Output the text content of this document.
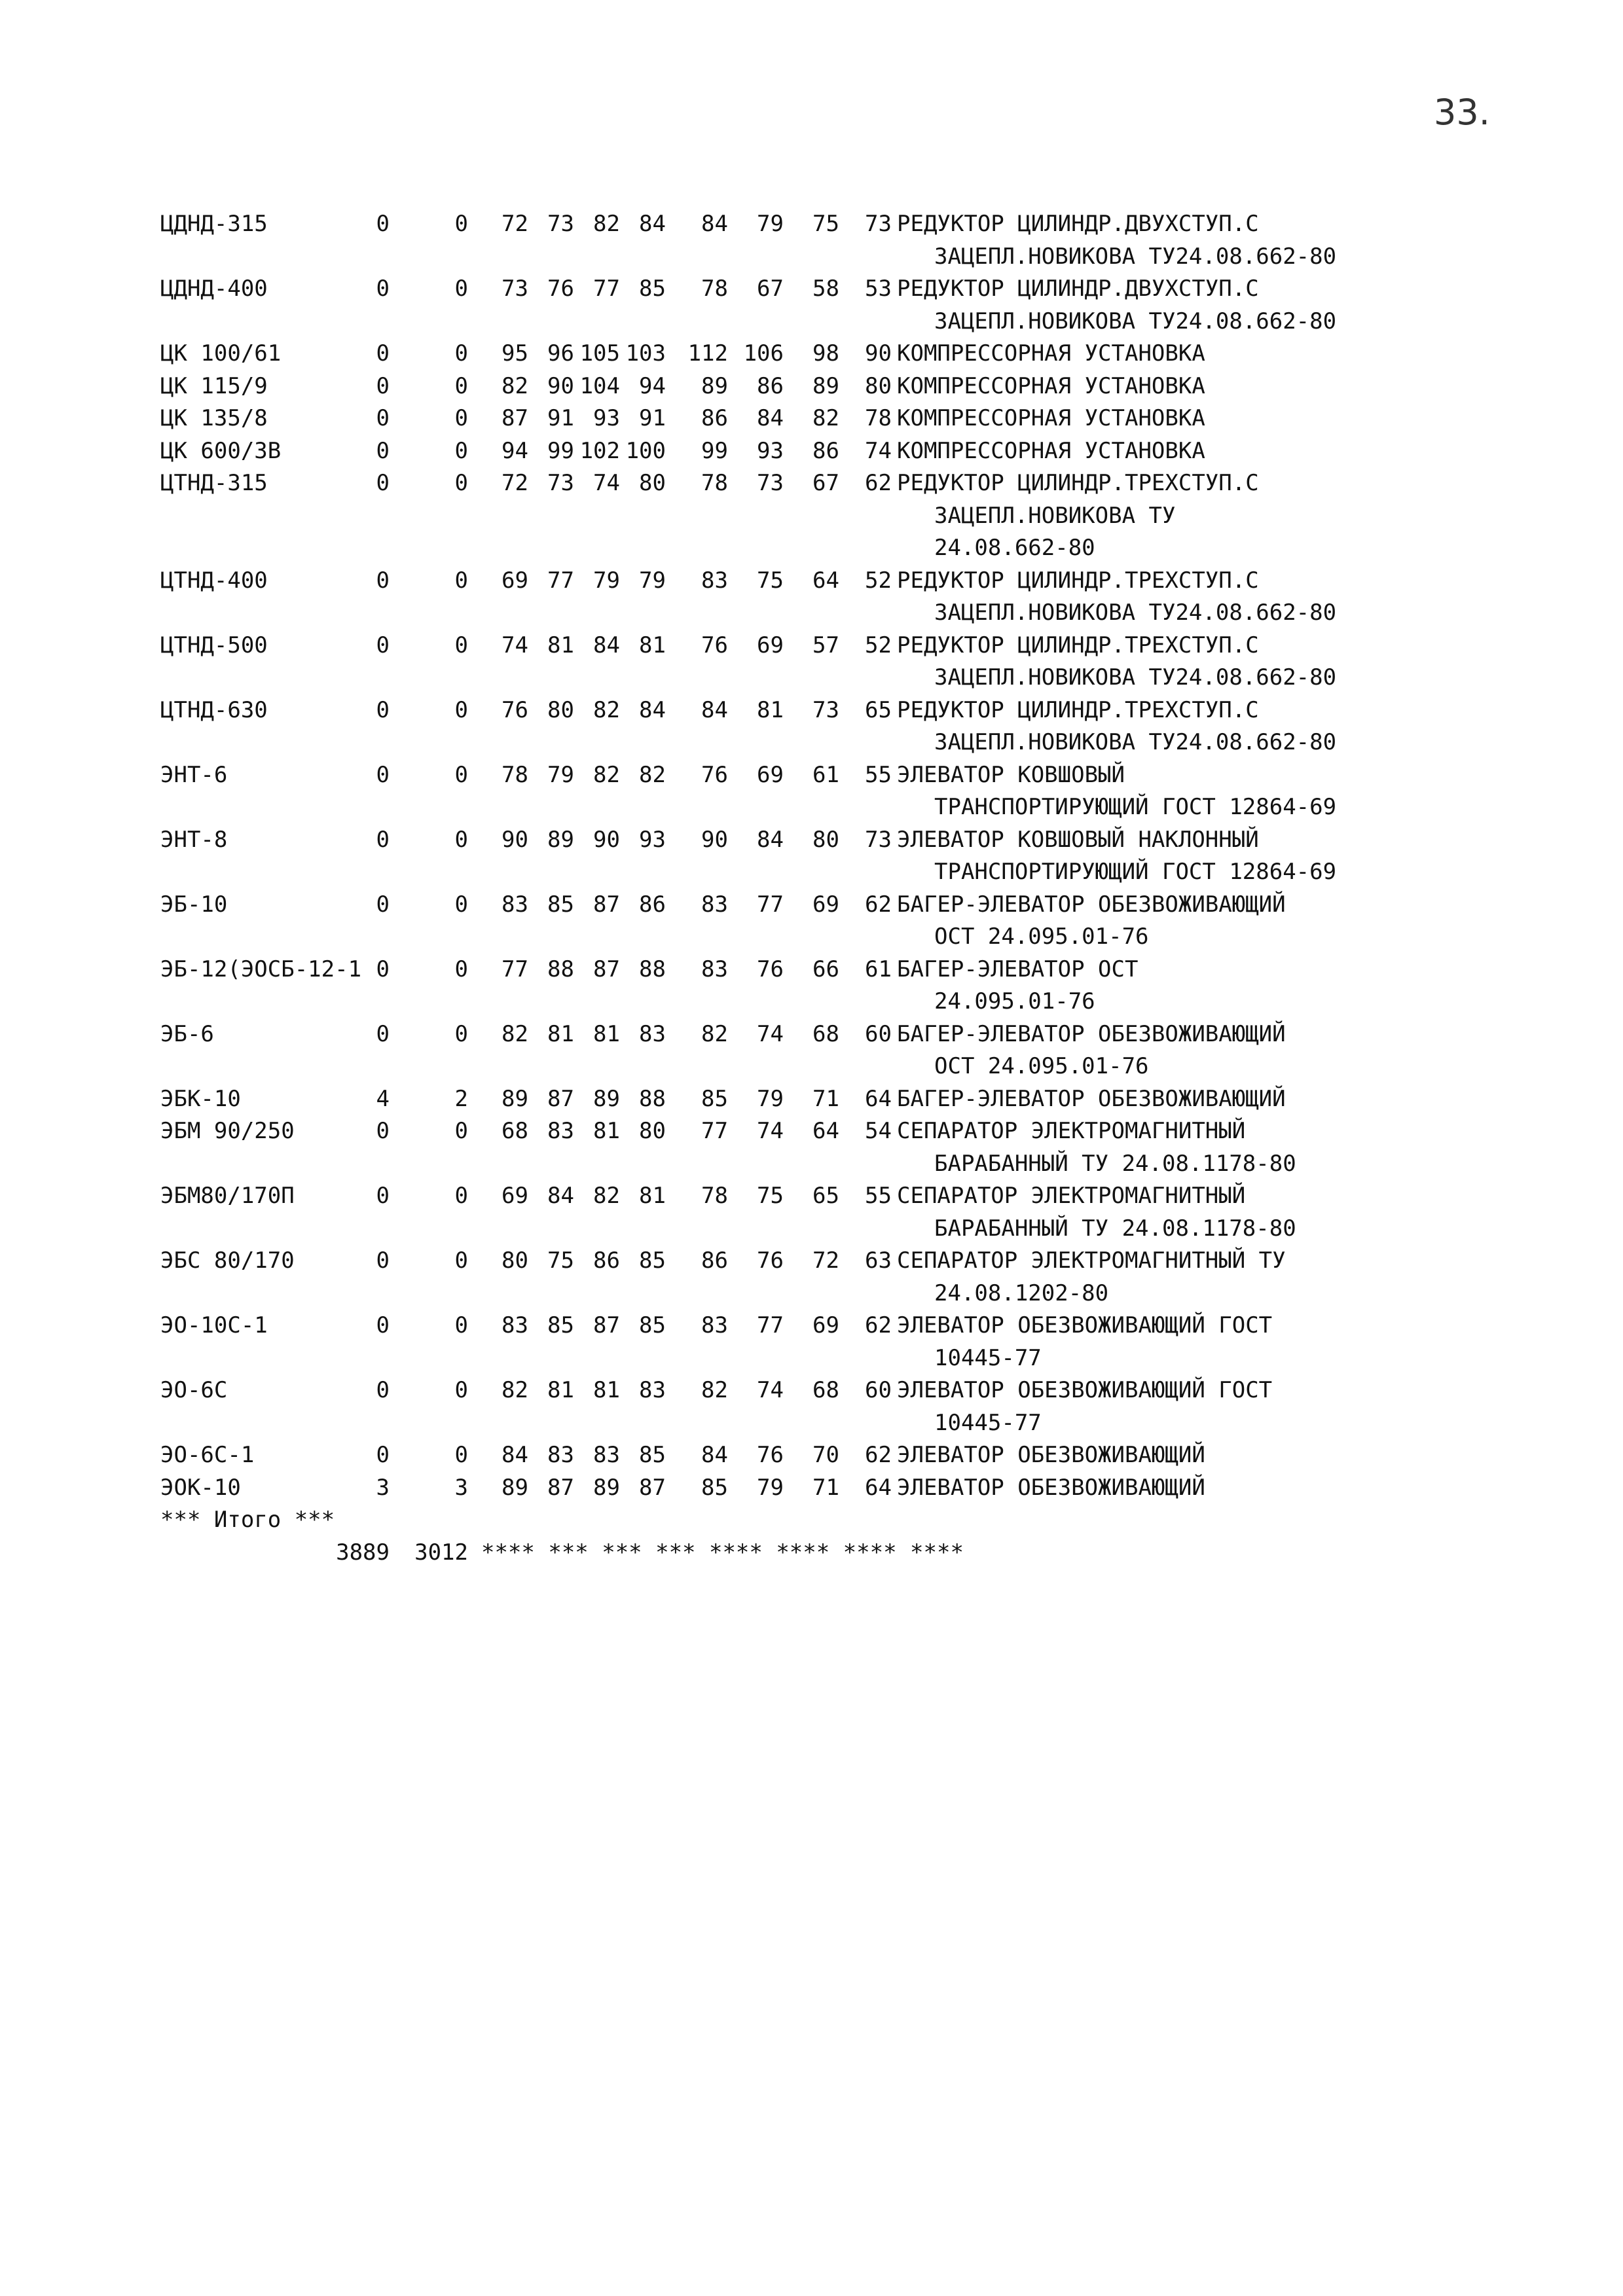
33.
ЦДНД-315	0	0	72 73 82 84	84	79	75	73 РЕДУКТОР ЦИЛИНДР.ДВУХСТУП.С
ЗАЦЕПЛ.НОВИКОВА ТУ24.08.662-80
ЦДНД-400	0	0	73 76 77 85	78	67	58	53 РЕДУКТОР ЦИЛИНДР.ДВУХСТУП.С
ЗАЦЕПЛ.НОВИКОВА ТУ24.08.662-80
ЦК 100/61	0	0	95 96 105 103 112 106	98	90 КОМПРЕССОРНАЯ УСТАНОВКА
ЦК 115/9	0	0	82 90 104 94	89	86	89	80 КОМПРЕССОРНАЯ УСТАНОВКА
ЦК 135/8	0	0	87 91 93 91	86	84	82	78 КОМПРЕССОРНАЯ УСТАНОВКА
ЦК 600/3В	0	0	94 99 102 100	99	93	86	74 КОМПРЕССОРНАЯ УСТАНОВКА
ЦТНД-315	0	0	72 73 74 80	78	73	67	62 РЕДУКТОР ЦИЛИНДР.ТРЕХСТУП.С
ЗАЦЕПЛ.НОВИКОВА ТУ
24.08.662-80
ЦТНД-400	0	0	69 77 79 79	83	75	64	52 РЕДУКТОР ЦИЛИНДР.ТРЕХСТУП.С
ЗАЦЕПЛ.НОВИКОВА ТУ24.08.662-80
ЦТНД-500	0	0	74 81 84 81	76	69	57	52 РЕДУКТОР ЦИЛИНДР.ТРЕХСТУП.С
ЗАЦЕПЛ.НОВИКОВА ТУ24.08.662-80
ЦТНД-630	0	0	76 80 82 84	84	81	73	65 РЕДУКТОР ЦИЛИНДР.ТРЕХСТУП.С
ЗАЦЕПЛ.НОВИКОВА ТУ24.08.662-80
ЭНТ-6	0	0	78 79 82 82	76	69	61	55 ЭЛЕВАТОР КОВШОВЫЙ
ТРАНСПОРТИРУЮЩИЙ ГОСТ 12864-69
ЭНТ-8	0	0	90 89 90 93	90	84	80	73 ЭЛЕВАТОР КОВШОВЫЙ НАКЛОННЫЙ
ТРАНСПОРТИРУЮЩИЙ ГОСТ 12864-69
ЭБ-10	0	0	83 85 87 86	83	77	69	62 БАГЕР-ЭЛЕВАТОР ОБЕЗВОЖИВАЮЩИЙ
ОСТ 24.095.01-76
ЭБ-12(ЭОСБ-12-1 0	0	77 88 87 88	83	76	66	61 БАГЕР-ЭЛЕВАТОР ОСТ
24.095.01-76
ЭБ-6	0	0	82 81 81 83	82	74	68	60 БАГЕР-ЭЛЕВАТОР ОБЕЗВОЖИВАЮЩИЙ
ОСТ 24.095.01-76
ЭБК-10	4	2	89 87 89 88	85	79	71	64 БАГЕР-ЭЛЕВАТОР ОБЕЗВОЖИВАЮЩИЙ
ЭБМ 90/250	0	0	68 83 81 80	77	74	64	54 СЕПАРАТОР ЭЛЕКТРОМАГНИТНЫЙ
БАРАБАННЫЙ ТУ 24.08.1178-80
ЭБМ80/170П	0	0	69 84 82 81	78	75	65	55 СЕПАРАТОР ЭЛЕКТРОМАГНИТНЫЙ
БАРАБАННЫЙ ТУ 24.08.1178-80
ЭБС 80/170	0	0	80 75 86 85	86	76	72	63 СЕПАРАТОР ЭЛЕКТРОМАГНИТНЫЙ ТУ
24.08.1202-80
ЭО-10С-1	0	0	83 85 87 85	83	77	69	62 ЭЛЕВАТОР ОБЕЗВОЖИВАЮЩИЙ ГОСТ
10445-77
ЭО-6С	0	0	82 81 81 83	82	74	68	60 ЭЛЕВАТОР ОБЕЗВОЖИВАЮЩИЙ ГОСТ
10445-77
ЭО-6С-1	0	0	84 83 83 85	84	76	70	62 ЭЛЕВАТОР ОБЕЗВОЖИВАЮЩИЙ
ЭОК-10	3	3	89 87 89 87	85	79	71	64 ЭЛЕВАТОР ОБЕЗВОЖИВАЮЩИЙ
*** Итого ***
3889	3012 **** *** *** *** **** **** **** ****
